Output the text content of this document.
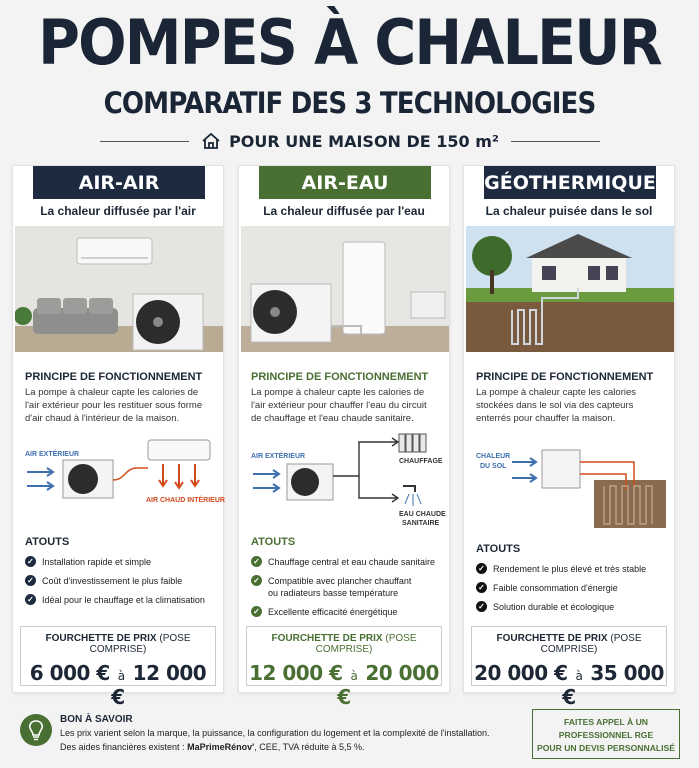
POMPES À CHALEUR
COMPARATIF DES 3 TECHNOLOGIES
POUR UNE MAISON DE 150 m²
AIR-AIR
La chaleur diffusée par l'air
PRINCIPE DE FONCTIONNEMENT
La pompe à chaleur capte les calories de
l'air extérieur pour les restituer sous forme
d'air chaud à l'intérieur de la maison.
AIR EXTÉRIEUR
AIR CHAUD INTÉRIEUR
ATOUTS
✓ Installation rapide et simple
✓ Coût d'investissement le plus faible
✓ Idéal pour le chauffage et la climatisation
FOURCHETTE DE PRIX (POSE COMPRISE)
6 000 € à 12 000 €
AIR-EAU
La chaleur diffusée par l'eau
PRINCIPE DE FONCTIONNEMENT
La pompe à chaleur capte les calories de
l'air extérieur pour chauffer l'eau du circuit
de chauffage et l'eau chaude sanitaire.
AIR EXTÉRIEUR
CHAUFFAGE
EAU CHAUDE
SANITAIRE
ATOUTS
✓ Chauffage central et eau chaude sanitaire
✓ Compatible avec plancher chauffant
ou radiateurs basse température
✓ Excellente efficacité énergétique
FOURCHETTE DE PRIX (POSE COMPRISE)
12 000 € à 20 000 €
GÉOTHERMIQUE
La chaleur puisée dans le sol
PRINCIPE DE FONCTIONNEMENT
La pompe à chaleur capte les calories
stockées dans le sol via des capteurs
enterrés pour chauffer la maison.
CHALEUR
DU SOL
ATOUTS
✓ Rendement le plus élevé et très stable
✓ Faible consommation d'énergie
✓ Solution durable et écologique
FOURCHETTE DE PRIX (POSE COMPRISE)
20 000 € à 35 000 €
BON À SAVOIR
Les prix varient selon la marque, la puissance, la configuration du logement et la complexité de l'installation.
Des aides financières existent : MaPrimeRénov', CEE, TVA réduite à 5,5 %.
FAITES APPEL À UN
PROFESSIONNEL RGE
POUR UN DEVIS PERSONNALISÉ
